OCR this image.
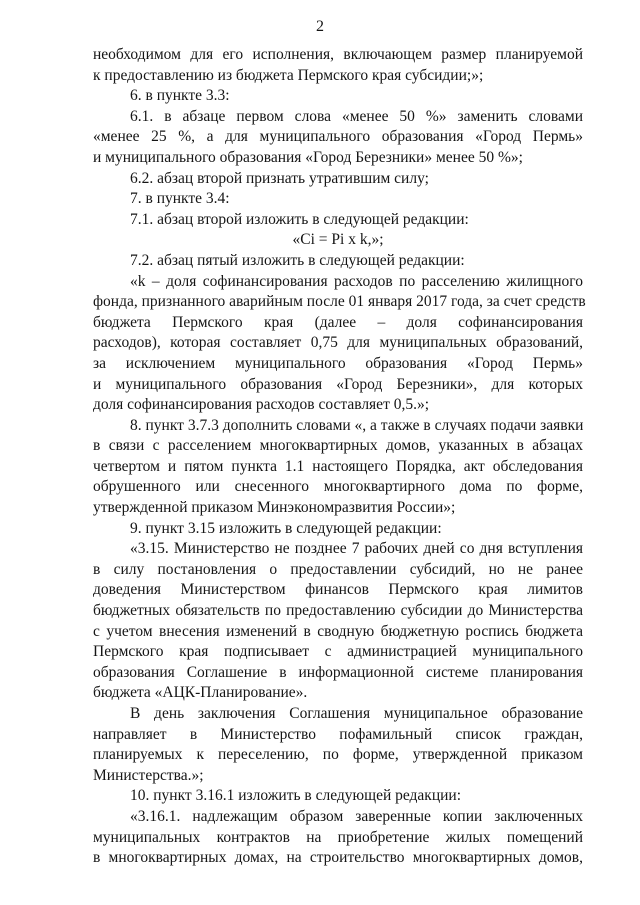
2

необходимом для его исполнения, включающем размер планируемой

к предоставлению из бюджета Пермского края субсидии;»;

6. в пункте 3.3:

6.1. в абзаце первом слова «менее 50 %» заменить словами

«менее 25 %, а для муниципального образования «Город Пермь»

и муниципального образования «Город Березники» менее 50 %»;

6.2. абзац второй признать утратившим силу;

7. в пункте 3.4:

7.1. абзац второй изложить в следующей редакции:

«Ci = Pi x k,»;

7.2. абзац пятый изложить в следующей редакции:

«k – доля софинансирования расходов по расселению жилищного

фонда, признанного аварийным после 01 января 2017 года, за счет средств

бюджета Пермского края (далее – доля софинансирования

расходов), которая составляет 0,75 для муниципальных образований,

за исключением муниципального образования «Город Пермь»

и муниципального образования «Город Березники», для которых

доля софинансирования расходов составляет 0,5.»;

8. пункт 3.7.3 дополнить словами «, а также в случаях подачи заявки

в связи с расселением многоквартирных домов, указанных в абзацах

четвертом и пятом пункта 1.1 настоящего Порядка, акт обследования

обрушенного или снесенного многоквартирного дома по форме,

утвержденной приказом Минэкономразвития России»;

9. пункт 3.15 изложить в следующей редакции:

«3.15. Министерство не позднее 7 рабочих дней со дня вступления

в силу постановления о предоставлении субсидий, но не ранее

доведения Министерством финансов Пермского края лимитов

бюджетных обязательств по предоставлению субсидии до Министерства

с учетом внесения изменений в сводную бюджетную роспись бюджета

Пермского края подписывает с администрацией муниципального

образования Соглашение в информационной системе планирования

бюджета «АЦК-Планирование».

В день заключения Соглашения муниципальное образование

направляет в Министерство пофамильный список граждан,

планируемых к переселению, по форме, утвержденной приказом

Министерства.»;

10. пункт 3.16.1 изложить в следующей редакции:

«3.16.1. надлежащим образом заверенные копии заключенных

муниципальных контрактов на приобретение жилых помещений

в многоквартирных домах, на строительство многоквартирных домов,
